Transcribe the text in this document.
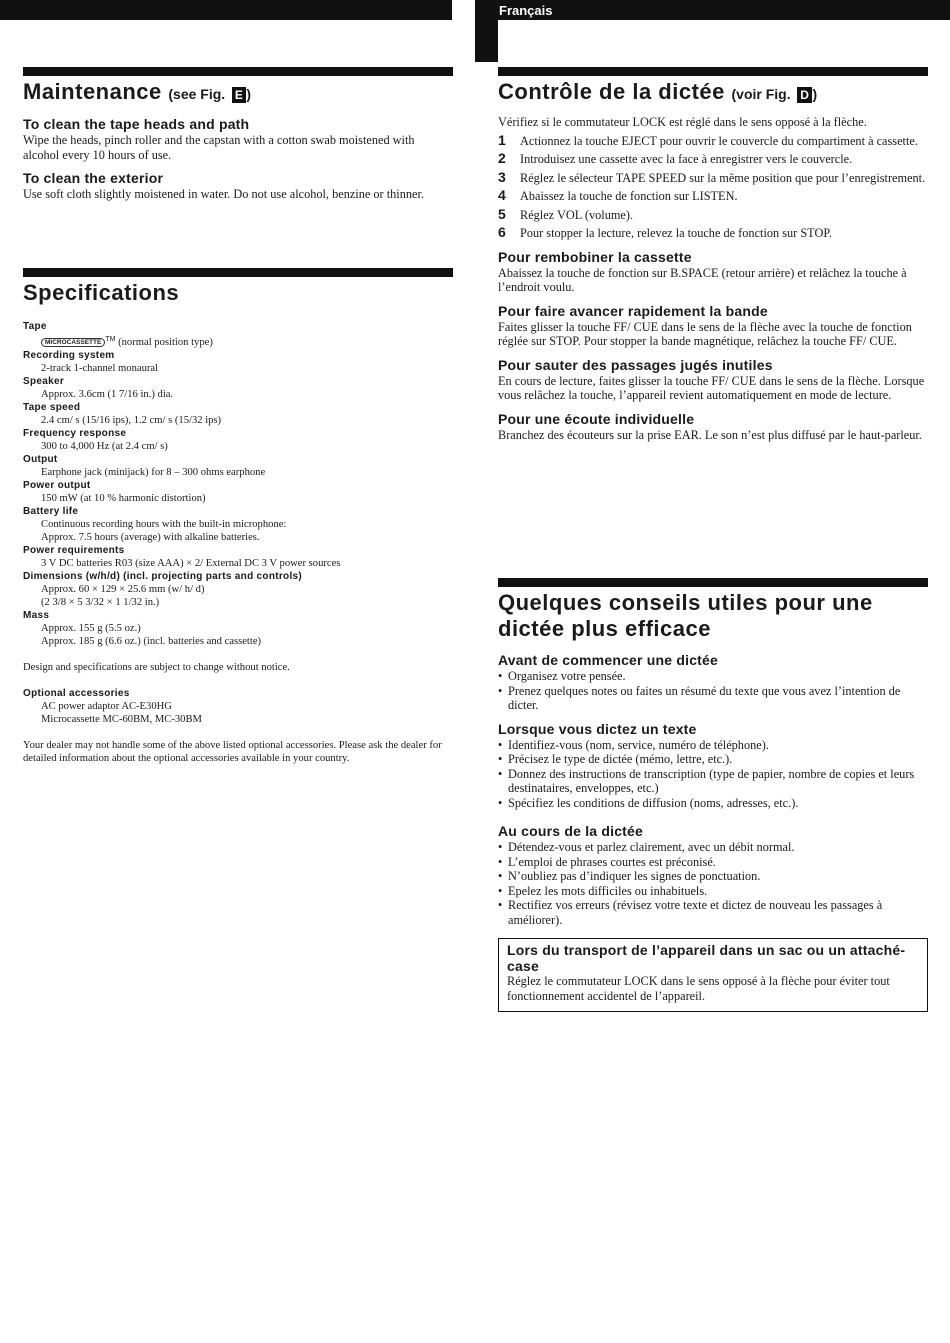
Français
Maintenance (see Fig. E )
To clean the tape heads and path

Wipe the heads, pinch roller and the capstan with a cotton swab moistened with alcohol every 10 hours of use.

To clean the exterior

Use soft cloth slightly moistened in water. Do not use alcohol, benzine or thinner.

Specifications
Tape
MICROCASSETTE ™ (normal position type)
Recording system
2-track 1-channel monaural
Speaker
Approx. 3.6cm (1 7/16 in.) dia.
Tape speed
2.4 cm/ s (15/16 ips), 1.2 cm/ s (15/32 ips)
Frequency response
300 to 4,000 Hz (at 2.4 cm/ s)
Output
Earphone jack (minijack) for 8 – 300 ohms earphone
Power output
150 mW (at 10 % harmonic distortion)
Battery life
Continuous recording hours with the built-in microphone:
Approx. 7.5 hours (average) with alkaline batteries.
Power requirements
3 V DC batteries R03 (size AAA) × 2/ External DC 3 V power sources
Dimensions (w/h/d) (incl. projecting parts and controls)
Approx. 60 × 129 × 25.6 mm (w/ h/ d)
(2 3/8 × 5 3/32 × 1 1/32 in.)
Mass
Approx. 155 g (5.5 oz.)
Approx. 185 g (6.6 oz.) (incl. batteries and cassette)
Design and specifications are subject to change without notice.
Optional accessories
AC power adaptor AC-E30HG
Microcassette MC-60BM, MC-30BM
Your dealer may not handle some of the above listed optional accessories. Please ask the dealer for detailed information about the optional accessories available in your country.
Contrôle de la dictée (voir Fig. D )

Vérifiez si le commutateur LOCK est réglé dans le sens opposé à la flèche.

1 Actionnez la touche EJECT pour ouvrir le couvercle du compartiment à cassette.
2 Introduisez une cassette avec la face à enregistrer vers le couvercle.
3 Réglez le sélecteur TAPE SPEED sur la même position que pour l’enregistrement.
4 Abaissez la touche de fonction sur LISTEN.
5 Réglez VOL (volume).
6 Pour stopper la lecture, relevez la touche de fonction sur STOP.
Pour rembobiner la cassette

Abaissez la touche de fonction sur B.SPACE (retour arrière) et relâchez la touche à l’endroit voulu.

Pour faire avancer rapidement la bande

Faites glisser la touche FF/ CUE dans le sens de la flèche avec la touche de fonction réglée sur STOP. Pour stopper la bande magnétique, relâchez la touche FF/ CUE.

Pour sauter des passages jugés inutiles

En cours de lecture, faites glisser la touche FF/ CUE dans le sens de la flèche. Lorsque vous relâchez la touche, l’appareil revient automatiquement en mode de lecture.

Pour une écoute individuelle

Branchez des écouteurs sur la prise EAR. Le son n’est plus diffusé par le haut-parleur.

Quelques conseils utiles pour une
dictée plus efficace
Avant de commencer une dictée
• Organisez votre pensée.
• Prenez quelques notes ou faites un résumé du texte que vous avez l’intention de dicter.
Lorsque vous dictez un texte
• Identifiez-vous (nom, service, numéro de téléphone).
• Précisez le type de dictée (mémo, lettre, etc.).
• Donnez des instructions de transcription (type de papier, nombre de copies et leurs destinataires, enveloppes, etc.)
• Spécifiez les conditions de diffusion (noms, adresses, etc.).
Au cours de la dictée
• Détendez-vous et parlez clairement, avec un débit normal.
• L’emploi de phrases courtes est préconisé.
• N’oubliez pas d’indiquer les signes de ponctuation.
• Epelez les mots difficiles ou inhabituels.
• Rectifiez vos erreurs (révisez votre texte et dictez de nouveau les passages à améliorer).
Lors du transport de l’appareil dans un sac ou un attaché-case

Réglez le commutateur LOCK dans le sens opposé à la flèche pour éviter tout fonctionnement accidentel de l’appareil.
